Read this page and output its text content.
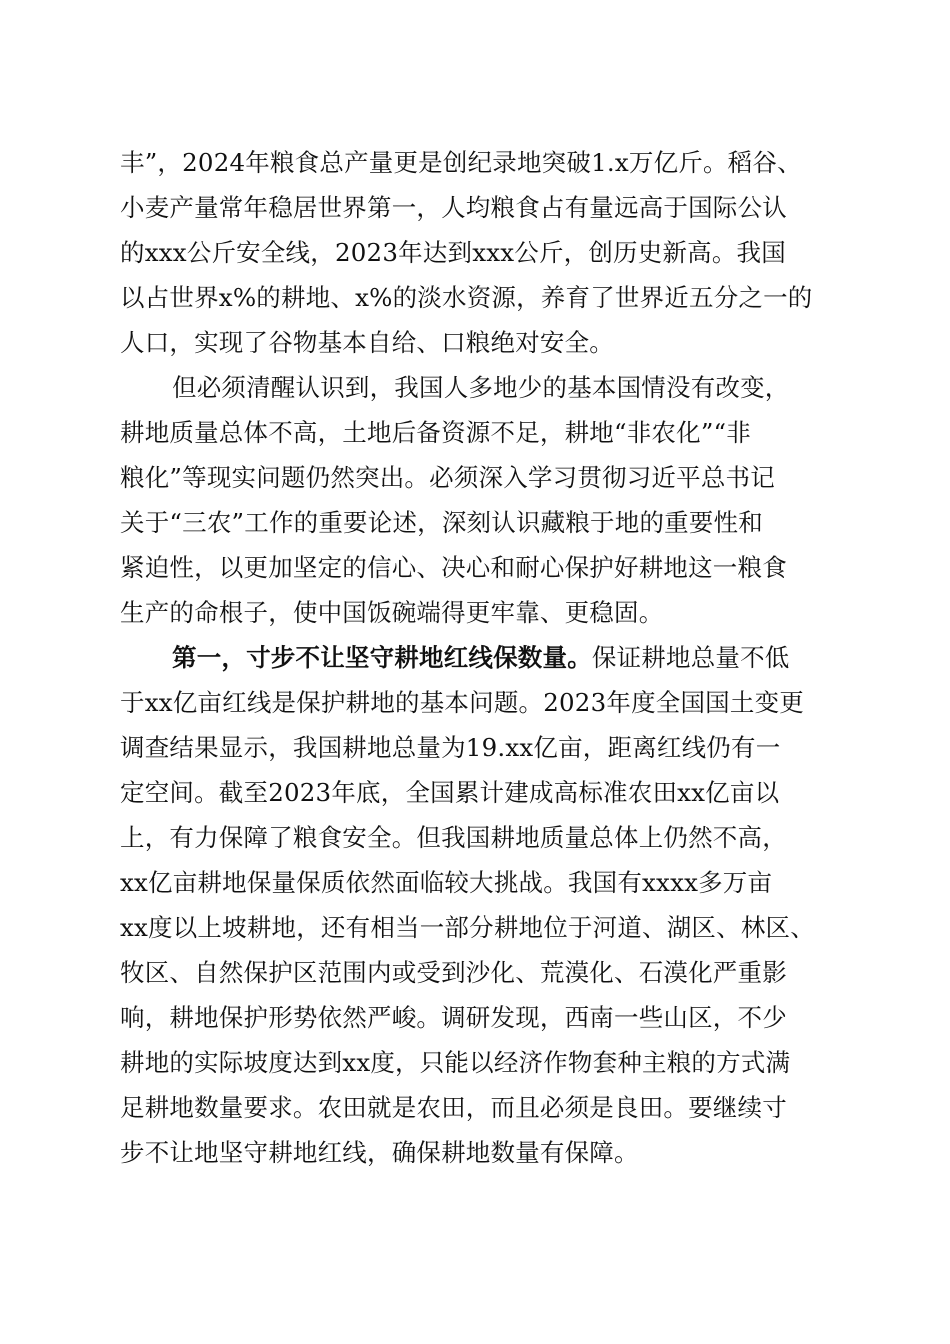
丰”，2024年粮食总产量更是创纪录地突破1.x万亿斤。稻谷、
小麦产量常年稳居世界第一，人均粮食占有量远高于国际公认
的xxx公斤安全线，2023年达到xxx公斤，创历史新高。我国
以占世界x%的耕地、x%的淡水资源，养育了世界近五分之一的
人口，实现了谷物基本自给、口粮绝对安全。
但必须清醒认识到，我国人多地少的基本国情没有改变，
耕地质量总体不高，土地后备资源不足，耕地“非农化”“非
粮化”等现实问题仍然突出。必须深入学习贯彻习近平总书记
关于“三农”工作的重要论述，深刻认识藏粮于地的重要性和
紧迫性，以更加坚定的信心、决心和耐心保护好耕地这一粮食
生产的命根子，使中国饭碗端得更牢靠、更稳固。
第一，寸步不让坚守耕地红线保数量。保证耕地总量不低
于xx亿亩红线是保护耕地的基本问题。2023年度全国国土变更
调查结果显示，我国耕地总量为19.xx亿亩，距离红线仍有一
定空间。截至2023年底，全国累计建成高标准农田xx亿亩以
上，有力保障了粮食安全。但我国耕地质量总体上仍然不高，
xx亿亩耕地保量保质依然面临较大挑战。我国有xxxx多万亩
xx度以上坡耕地，还有相当一部分耕地位于河道、湖区、林区、
牧区、自然保护区范围内或受到沙化、荒漠化、石漠化严重影
响，耕地保护形势依然严峻。调研发现，西南一些山区，不少
耕地的实际坡度达到xx度，只能以经济作物套种主粮的方式满
足耕地数量要求。农田就是农田，而且必须是良田。要继续寸
步不让地坚守耕地红线，确保耕地数量有保障。
